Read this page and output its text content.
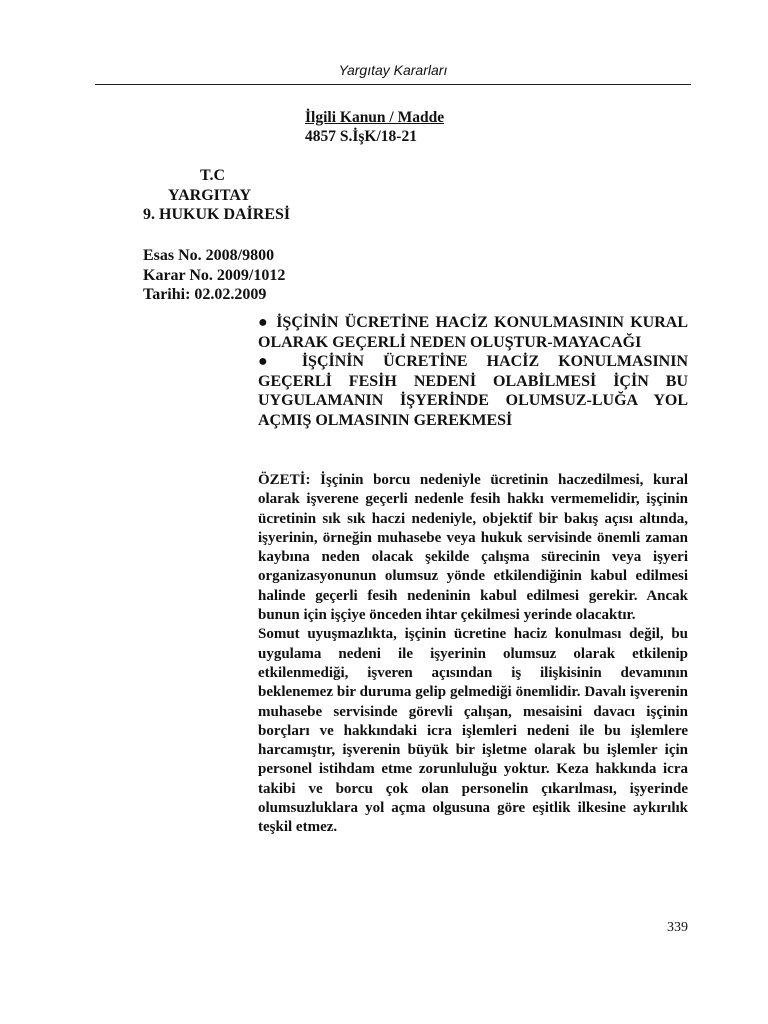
Yargıtay Kararları
İlgili Kanun / Madde
4857 S.İşK/18-21
T.C
YARGITAY
9. HUKUK DAİRESİ
Esas No. 2008/9800
Karar No. 2009/1012
Tarihi: 02.02.2009
● İŞÇİNİN ÜCRETİNE HACİZ KONULMASININ KURAL OLARAK GEÇERLİ NEDEN OLUŞTUR-MAYACAĞI
● İŞÇİNİN ÜCRETİNE HACİZ KONULMASININ GEÇERLİ FESİH NEDENİ OLABİLMESİ İÇİN BU UYGULAMANIN İŞYERİNDE OLUMSUZ-LUĞA YOL AÇMIŞ OLMASININ GEREKMESİ

ÖZETİ: İşçinin borcu nedeniyle ücretinin haczedilmesi, kural olarak işverene geçerli nedenle fesih hakkı vermemelidir, işçinin ücretinin sık sık haczi nedeniyle, objektif bir bakış açısı altında, işyerinin, örneğin muhasebe veya hukuk servisinde önemli zaman kaybına neden olacak şekilde çalışma sürecinin veya işyeri organizasyonunun olumsuz yönde etkilendiğinin kabul edilmesi halinde geçerli fesih nedeninin kabul edilmesi gerekir. Ancak bunun için işçiye önceden ihtar çekilmesi yerinde olacaktır.

Somut uyuşmazlıkta, işçinin ücretine haciz konulması değil, bu uygulama nedeni ile işyerinin olumsuz olarak etkilenip etkilenmediği, işveren açısından iş ilişkisinin devamının beklenemez bir duruma gelip gelmediği önemlidir. Davalı işverenin muhasebe servisinde görevli çalışan, mesaisini davacı işçinin borçları ve hakkındaki icra işlemleri nedeni ile bu işlemlere harcamıştır, işverenin büyük bir işletme olarak bu işlemler için personel istihdam etme zorunluluğu yoktur. Keza hakkında icra takibi ve borcu çok olan personelin çıkarılması, işyerinde olumsuzluklara yol açma olgusuna göre eşitlik ilkesine aykırılık teşkil etmez.

339
